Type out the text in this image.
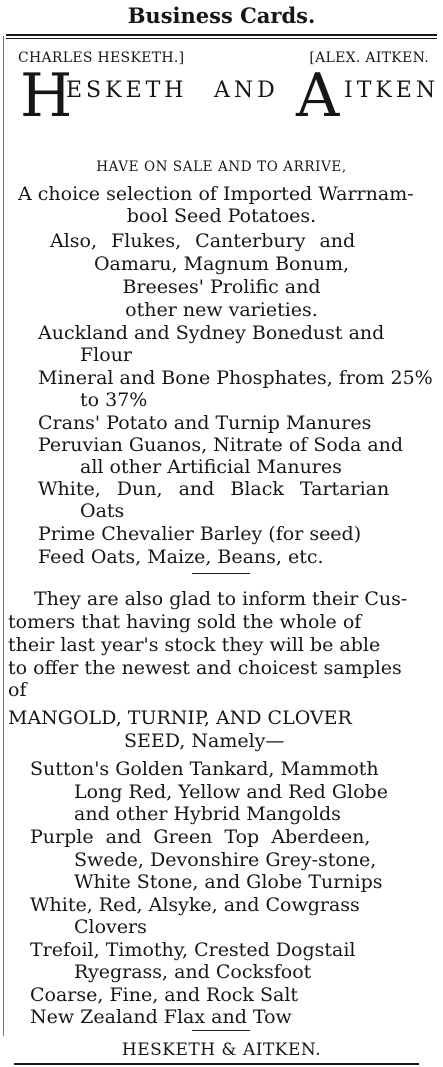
Business Cards.
CHARLES HESKETH.]	[ALEX. AITKEN.
H
ESKETH AND A ITKEN
HAVE ON SALE AND TO ARRIVE,
A choice selection of Imported Warrnam-
bool Seed Potatoes.
Also, Flukes, Canterbury and
Oamaru, Magnum Bonum,
Breeses' Prolific and
other new varieties.
Auckland and Sydney Bonedust and
Flour
Mineral and Bone Phosphates, from 25%
to 37%
Crans' Potato and Turnip Manures
Peruvian Guanos, Nitrate of Soda and
all other Artificial Manures
White, Dun, and Black Tartarian
Oats
Prime Chevalier Barley (for seed)
Feed Oats, Maize, Beans, etc.
They are also glad to inform their Cus-
tomers that having sold the whole of
their last year's stock they will be able
to offer the newest and choicest samples
of
MANGOLD, TURNIP, AND CLOVER
SEED, Namely—
Sutton's Golden Tankard, Mammoth
Long Red, Yellow and Red Globe
and other Hybrid Mangolds
Purple and Green Top Aberdeen,
Swede, Devonshire Grey-stone,
White Stone, and Globe Turnips
White, Red, Alsyke, and Cowgrass
Clovers
Trefoil, Timothy, Crested Dogstail
Ryegrass, and Cocksfoot
Coarse, Fine, and Rock Salt
New Zealand Flax and Tow
HESKETH & AITKEN.
